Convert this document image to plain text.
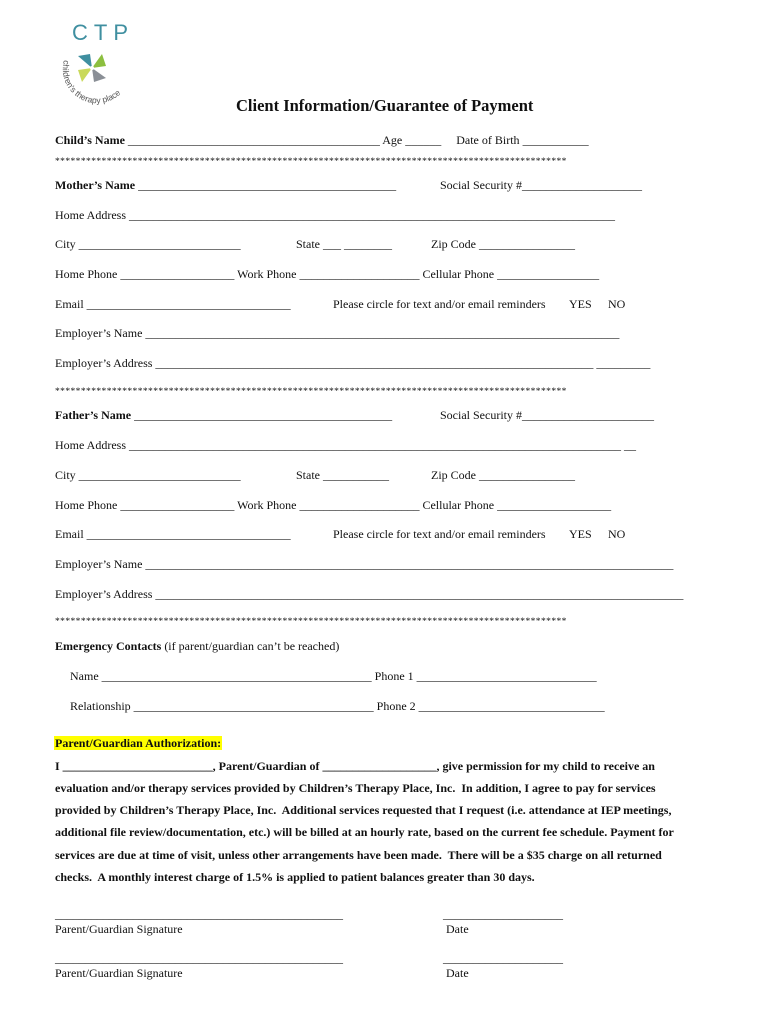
CTP
children's therapy place
Client Information/Guarantee of Payment
Child’s Name __________________________________________ Age ______ Date of Birth ___________
***************************************************************************************************
Mother’s Name ___________________________________________	Social Security #____________________
Home Address _________________________________________________________________________________
City ___________________________	State ___ ________	Zip Code ________________
Home Phone ___________________ Work Phone ____________________ Cellular Phone _________________
Email __________________________________	Please circle for text and/or email reminders YES NO
Employer’s Name _______________________________________________________________________________
Employer’s Address _________________________________________________________________________ _________
***************************************************************************************************
Father’s Name ___________________________________________	Social Security #______________________
Home Address __________________________________________________________________________________ __
City ___________________________	State ___________	Zip Code ________________
Home Phone ___________________ Work Phone ____________________ Cellular Phone ___________________
Email __________________________________	Please circle for text and/or email reminders YES NO
Employer’s Name ________________________________________________________________________________________
Employer’s Address ________________________________________________________________________________________
***************************************************************************************************
Emergency Contacts (if parent/guardian can’t be reached)
Name _____________________________________________ Phone 1 ______________________________
Relationship ________________________________________ Phone 2 _______________________________
Parent/Guardian Authorization:
I _________________________, Parent/Guardian of ___________________, give permission for my child to receive an
evaluation and/or therapy services provided by Children’s Therapy Place, Inc.  In addition, I agree to pay for services
provided by Children’s Therapy Place, Inc.  Additional services requested that I request (i.e. attendance at IEP meetings,
additional file review/documentation, etc.) will be billed at an hourly rate, based on the current fee schedule. Payment for
services are due at time of visit, unless other arrangements have been made.  There will be a $35 charge on all returned
checks.  A monthly interest charge of 1.5% is applied to patient balances greater than 30 days.
________________________________________________	____________________
Parent/Guardian Signature	Date
________________________________________________	____________________
Parent/Guardian Signature	Date
